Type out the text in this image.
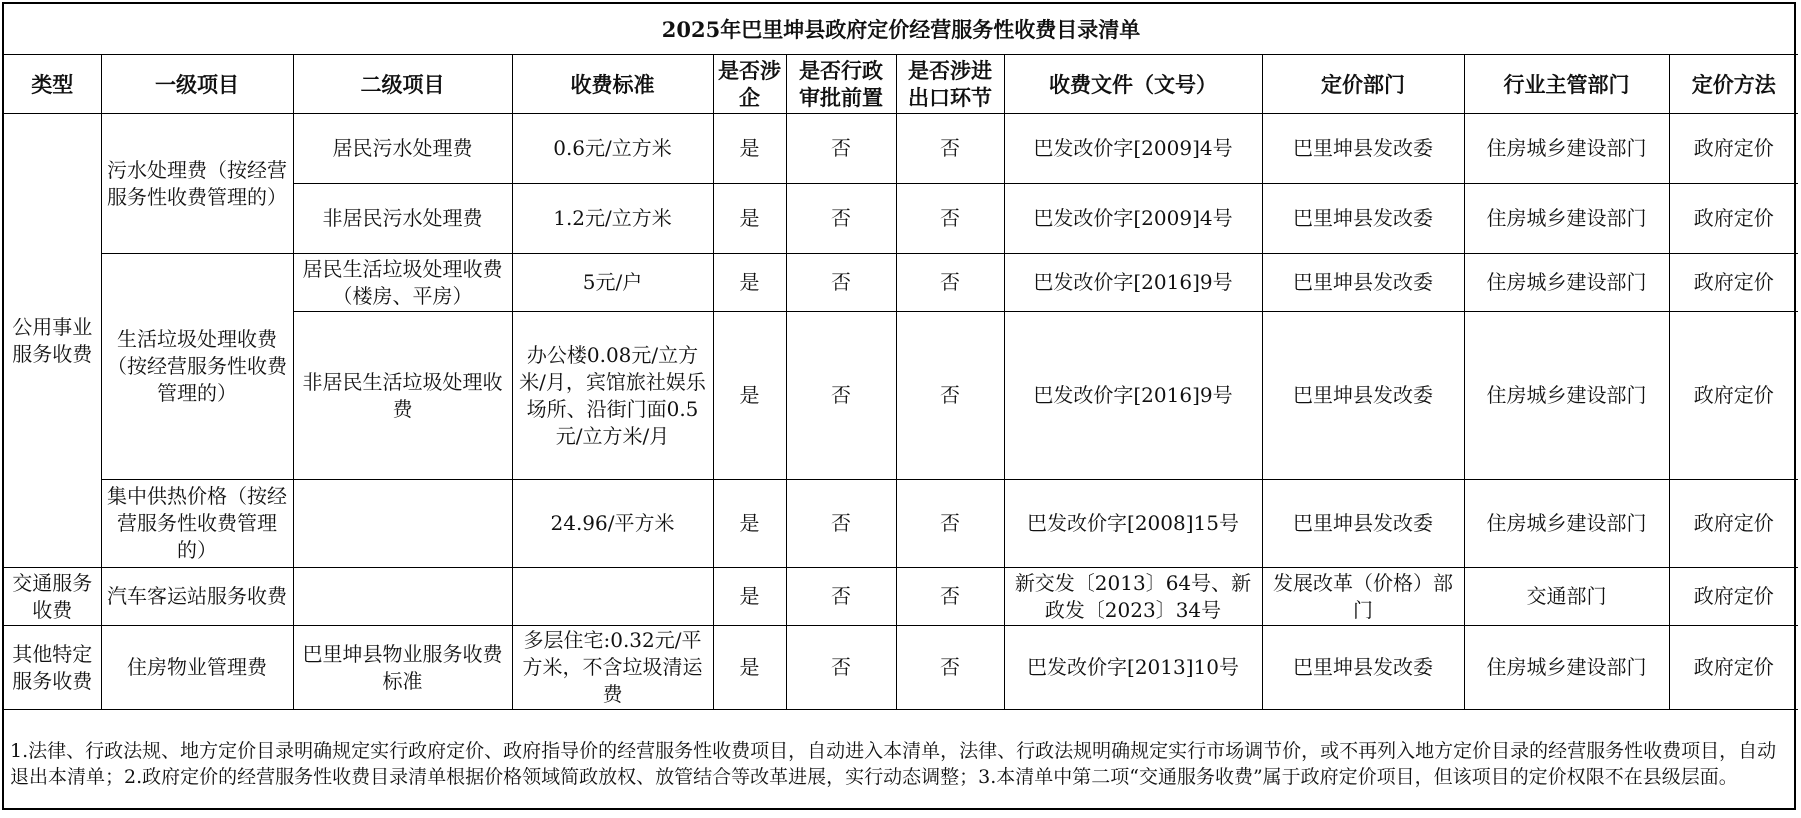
2025年巴里坤县政府定价经营服务性收费目录清单										
类型	一级项目	二级项目	收费标准	是否涉企	是否行政审批前置	是否涉进出口环节	收费文件（文号）	定价部门	行业主管部门	定价方法
公用事业服务收费	污水处理费（按经营服务性收费管理的）	居民污水处理费	0.6元/立方米	是	否	否	巴发改价字[2009]4号	巴里坤县发改委	住房城乡建设部门	政府定价
		非居民污水处理费	1.2元/立方米	是	否	否	巴发改价字[2009]4号	巴里坤县发改委	住房城乡建设部门	政府定价
	生活垃圾处理收费（按经营服务性收费管理的）	居民生活垃圾处理收费（楼房、平房）	5元/户	是	否	否	巴发改价字[2016]9号	巴里坤县发改委	住房城乡建设部门	政府定价
		非居民生活垃圾处理收费	办公楼0.08元/立方米/月，宾馆旅社娱乐场所、沿街门面0.5元/立方米/月	是	否	否	巴发改价字[2016]9号	巴里坤县发改委	住房城乡建设部门	政府定价
	集中供热价格（按经营服务性收费管理的）		24.96/平方米	是	否	否	巴发改价字[2008]15号	巴里坤县发改委	住房城乡建设部门	政府定价
交通服务收费	汽车客运站服务收费			是	否	否	新交发〔2013〕64号、新政发〔2023〕34号	发展改革（价格）部门	交通部门	政府定价
其他特定服务收费	住房物业管理费	巴里坤县物业服务收费标准	多层住宅:0.32元/平方米，不含垃圾清运费	是	否	否	巴发改价字[2013]10号	巴里坤县发改委	住房城乡建设部门	政府定价
1.法律、行政法规、地方定价目录明确规定实行政府定价、政府指导价的经营服务性收费项目，自动进入本清单，法律、行政法规明确规定实行市场调节价，或不再列入地方定价目录的经营服务性收费项目，自动退出本清单；2.政府定价的经营服务性收费目录清单根据价格领域简政放权、放管结合等改革进展，实行动态调整；3.本清单中第二项“交通服务收费”属于政府定价项目，但该项目的定价权限不在县级层面。										
